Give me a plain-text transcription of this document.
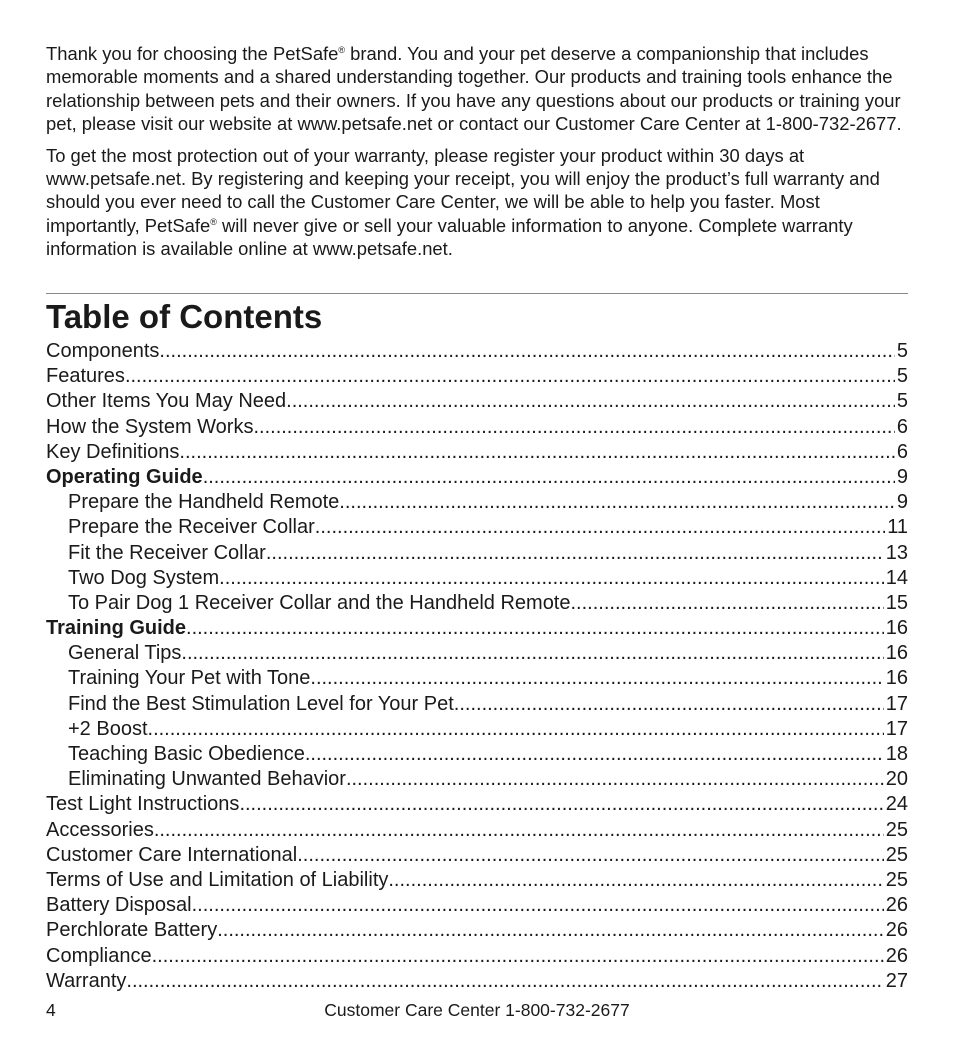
Thank you for choosing the PetSafe® brand. You and your pet deserve a companionship that includes memorable moments and a shared understanding together. Our products and training tools enhance the relationship between pets and their owners. If you have any questions about our products or training your pet, please visit our website at www.petsafe.net or contact our Customer Care Center at 1-800-732-2677.

To get the most protection out of your warranty, please register your product within 30 days at www.petsafe.net. By registering and keeping your receipt, you will enjoy the product’s full warranty and should you ever need to call the Customer Care Center, we will be able to help you faster. Most importantly, PetSafe® will never give or sell your valuable information to anyone. Complete warranty information is available online at www.petsafe.net.

Table of Contents
Components .....	5
Features .....	5
Other Items You May Need .....	5
How the System Works .....	6
Key Definitions .....	6
Operating Guide .....	9
Prepare the Handheld Remote .....	9
Prepare the Receiver Collar .....	11
Fit the Receiver Collar .....	13
Two Dog System .....	14
To Pair Dog 1 Receiver Collar and the Handheld Remote .....	15
Training Guide .....	16
General Tips .....	16
Training Your Pet with Tone .....	16
Find the Best Stimulation Level for Your Pet .....	17
+2 Boost .....	17
Teaching Basic Obedience .....	18
Eliminating Unwanted Behavior .....	20
Test Light Instructions .....	24
Accessories .....	25
Customer Care International .....	25
Terms of Use and Limitation of Liability .....	25
Battery Disposal .....	26
Perchlorate Battery .....	26
Compliance .....	26
Warranty .....	27
Customer Care Center 1-800-732-2677
4
